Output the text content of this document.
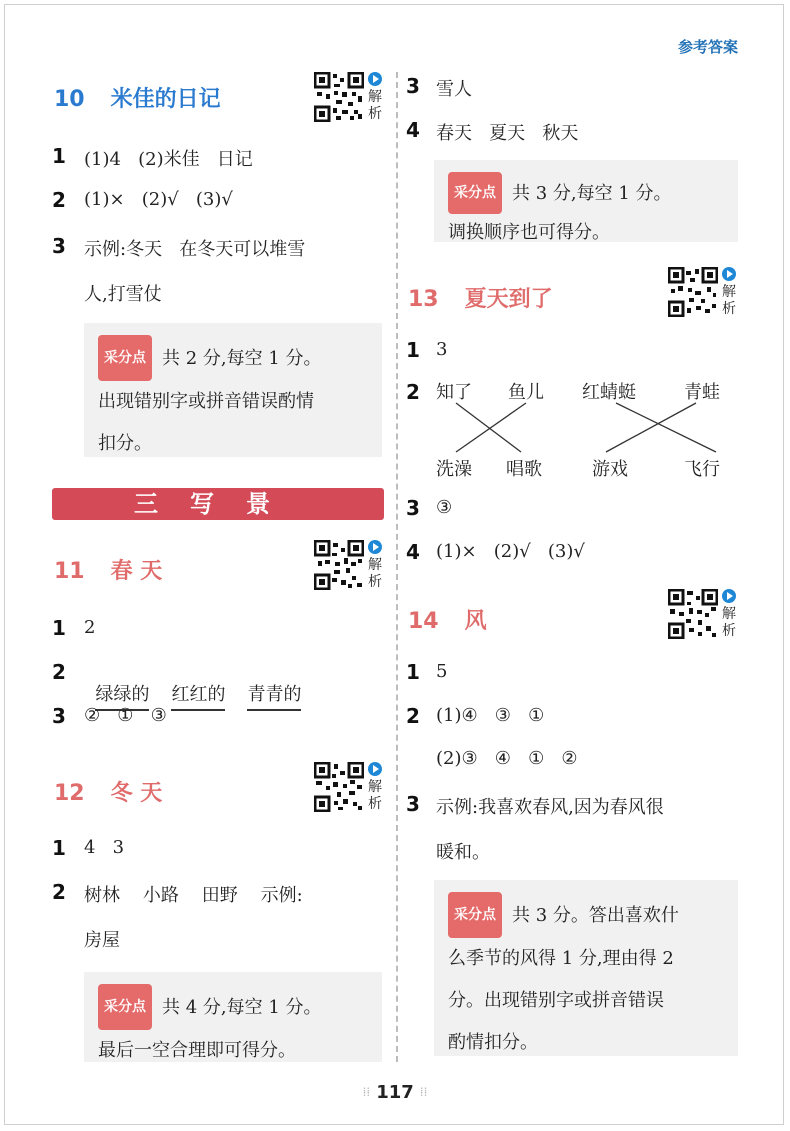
参考答案
10 米佳的日记	解
析
1 (1)4   (2)米佳   日记
2 (1)×   (2)√   (3)√
3 示例:冬天   在冬天可以堆雪
人,打雪仗
采分点 共 2 分,每空 1 分。
出现错别字或拼音错误酌情
扣分。
三写景
11 春 天	解
析
1 2
2

绿绿的 红红的 青青的

3 ②   ①   ③
12 冬 天	解
析
1 4   3
2 树林    小路    田野    示例:
房屋
采分点 共 4 分,每空 1 分。
最后一空合理即可得分。
3 雪人
4 春天   夏天   秋天
采分点 共 3 分,每空 1 分。
调换顺序也可得分。
13 夏天到了	解
析
1 3
2 知了 鱼儿 红蜻蜓	青蛙
洗澡 唱歌	游戏	飞行
3 ③
4 (1)×   (2)√   (3)√
14 风	解
析
1 5
2 (1)④   ③   ①
(2)③   ④   ①   ②
3 示例:我喜欢春风,因为春风很
暖和。
采分点 共 3 分。答出喜欢什
么季节的风得 1 分,理由得 2
分。出现错别字或拼音错误
酌情扣分。
⁞⁞ 117 ⁞⁞
